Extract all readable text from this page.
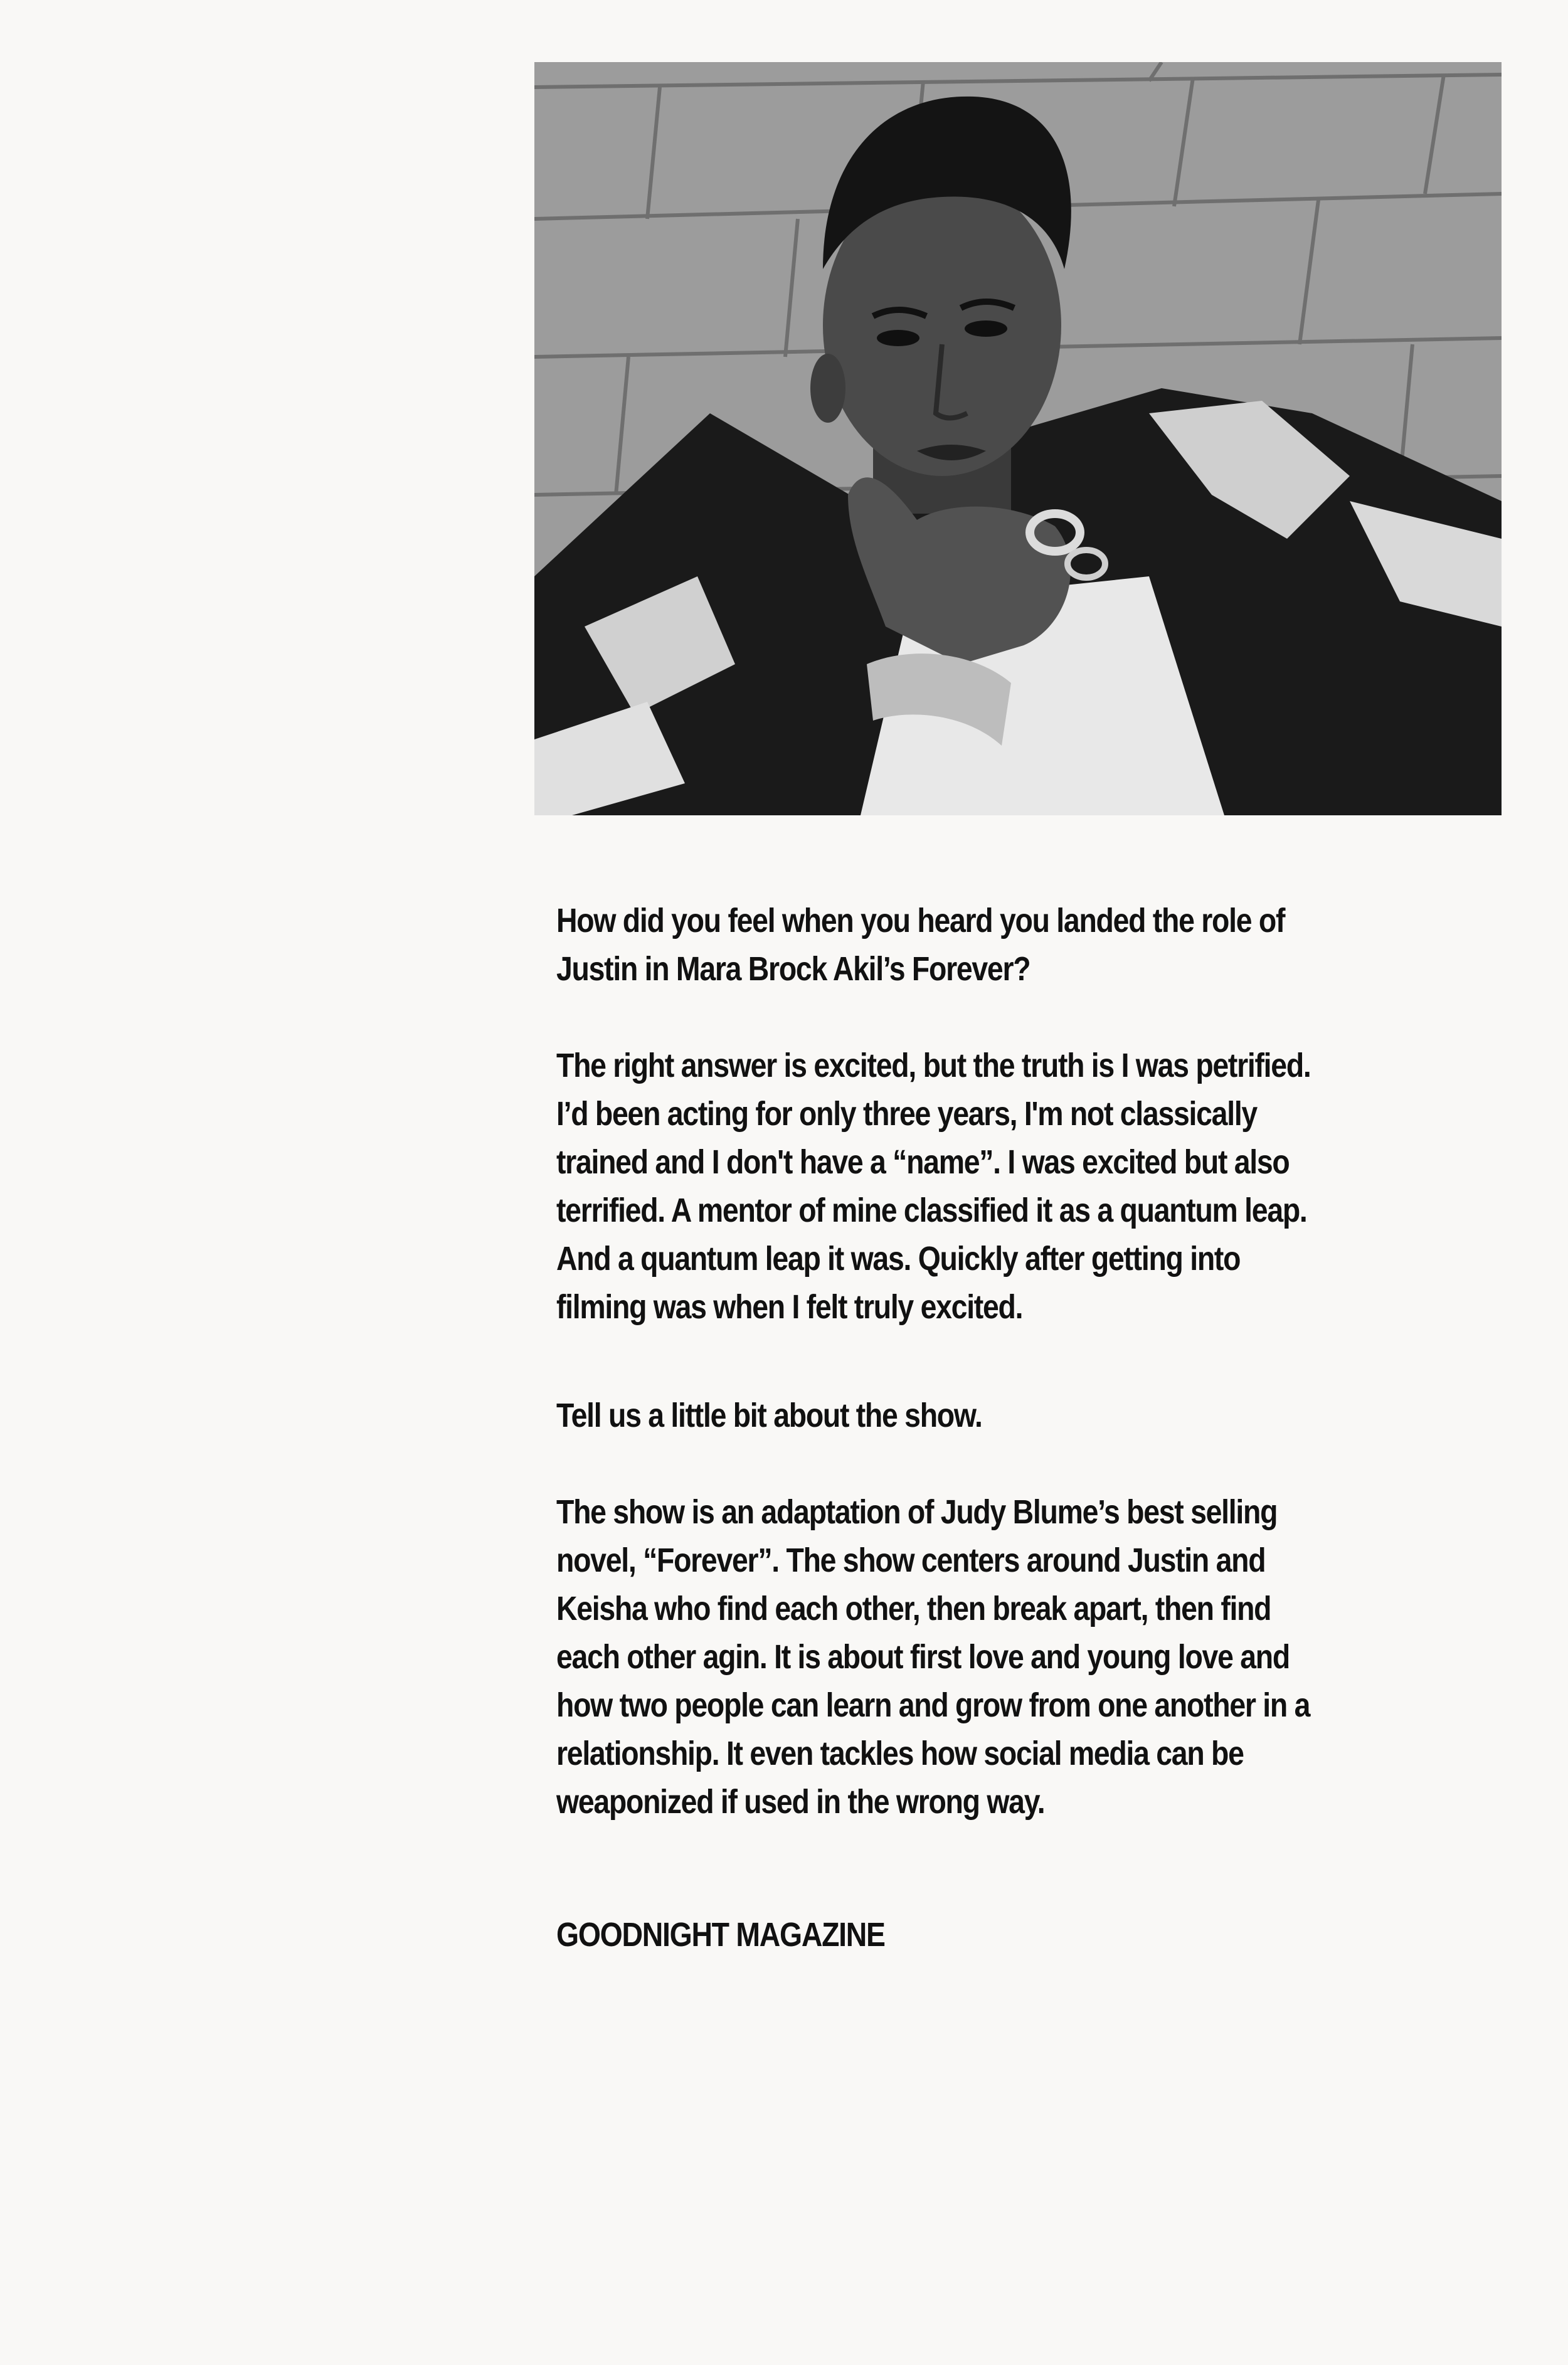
How did you feel when you heard you landed the role of
Justin in Mara Brock Akil’s Forever?

The right answer is excited, but the truth is I was petrified.
I’d been acting for only three years, I'm not classically
trained and I don't have a “name”. I was excited but also
terrified. A mentor of mine classified it as a quantum leap.
And a quantum leap it was. Quickly after getting into
filming was when I felt truly excited.

Tell us a little bit about the show.

The show is an adaptation of Judy Blume’s best selling
novel, “Forever”. The show centers around Justin and
Keisha who find each other, then break apart, then find
each other agin. It is about first love and young love and
how two people can learn and grow from one another in a
relationship. It even tackles how social media can be
weaponized if used in the wrong way.

GOODNIGHT MAGAZINE
